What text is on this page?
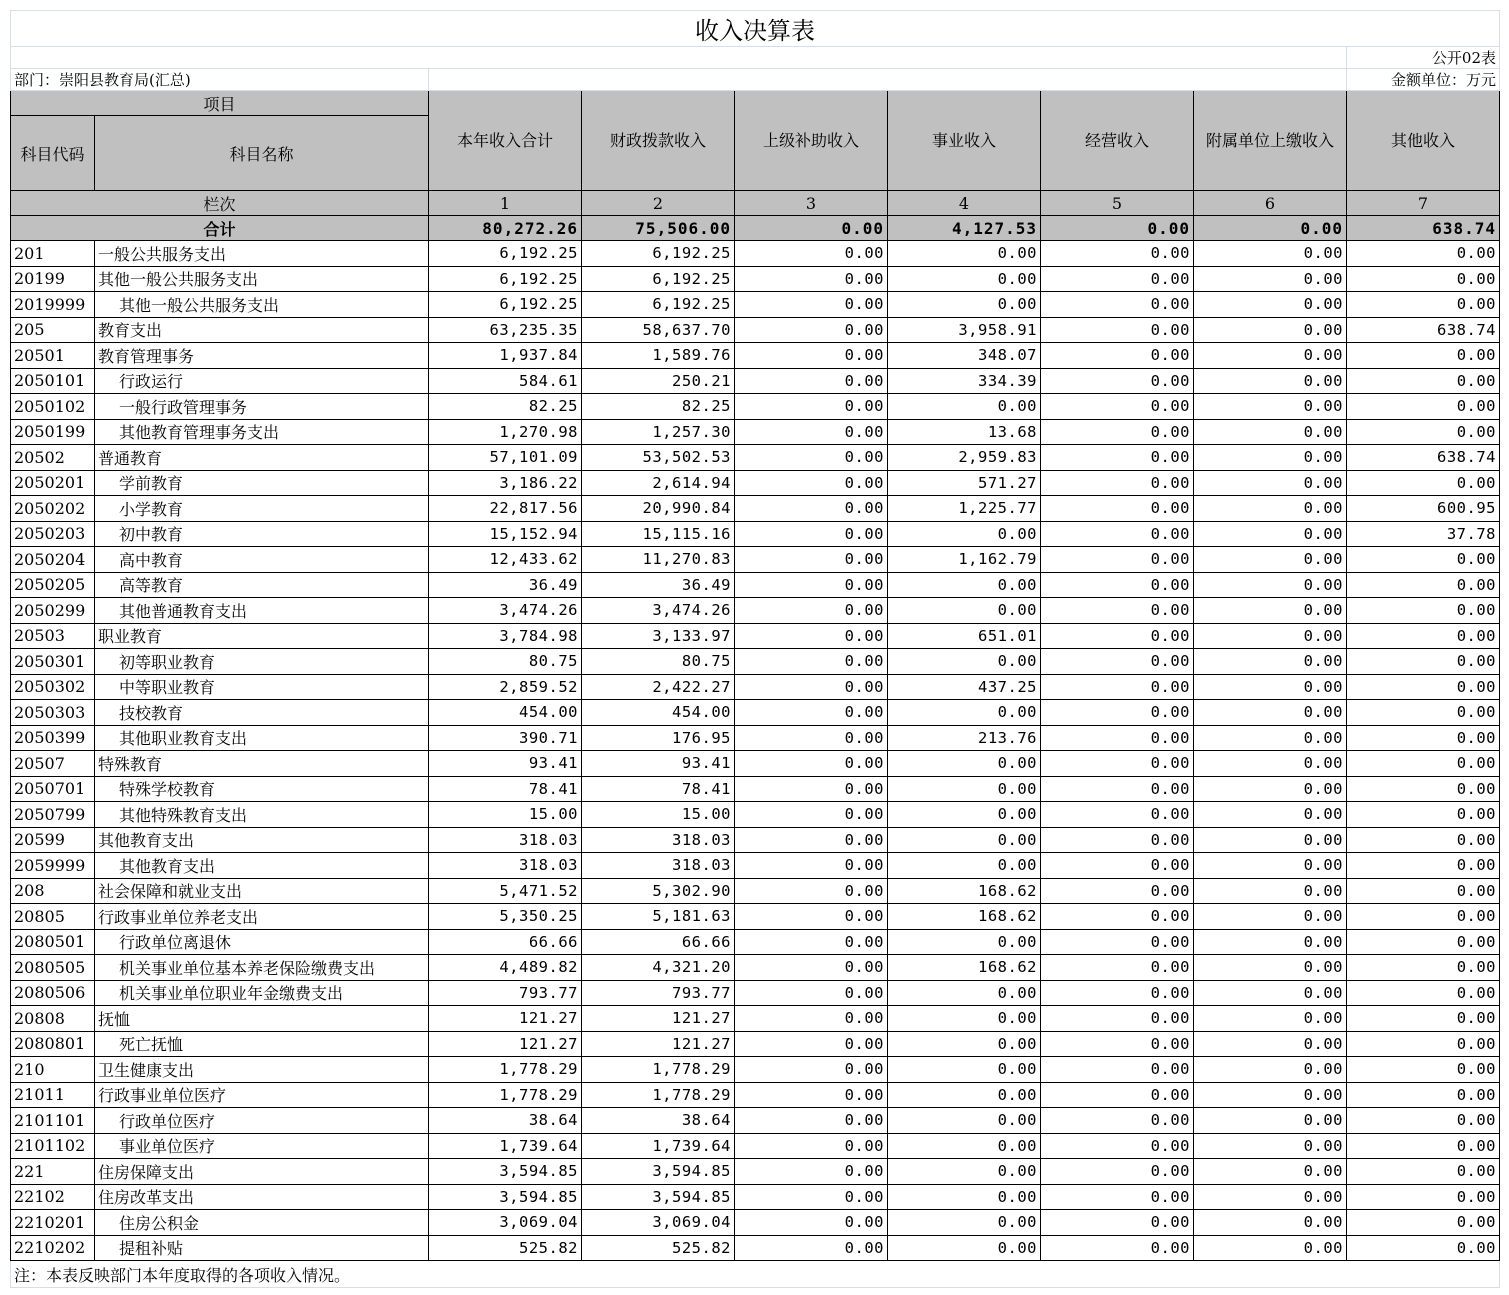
收入决算表								
								公开02表
部门：崇阳县教育局(汇总)								金额单位：万元
项目		本年收入合计	财政拨款收入	上级补助收入	事业收入	经营收入	附属单位上缴收入	其他收入
科目代码	科目名称							
栏次		1	2	3	4	5	6	7
合计		80,272.26	75,506.00	0.00	4,127.53	0.00	0.00	638.74
201	一般公共服务支出	6,192.25	6,192.25	0.00	0.00	0.00	0.00	0.00
20199	其他一般公共服务支出	6,192.25	6,192.25	0.00	0.00	0.00	0.00	0.00
2019999	其他一般公共服务支出	6,192.25	6,192.25	0.00	0.00	0.00	0.00	0.00
205	教育支出	63,235.35	58,637.70	0.00	3,958.91	0.00	0.00	638.74
20501	教育管理事务	1,937.84	1,589.76	0.00	348.07	0.00	0.00	0.00
2050101	行政运行	584.61	250.21	0.00	334.39	0.00	0.00	0.00
2050102	一般行政管理事务	82.25	82.25	0.00	0.00	0.00	0.00	0.00
2050199	其他教育管理事务支出	1,270.98	1,257.30	0.00	13.68	0.00	0.00	0.00
20502	普通教育	57,101.09	53,502.53	0.00	2,959.83	0.00	0.00	638.74
2050201	学前教育	3,186.22	2,614.94	0.00	571.27	0.00	0.00	0.00
2050202	小学教育	22,817.56	20,990.84	0.00	1,225.77	0.00	0.00	600.95
2050203	初中教育	15,152.94	15,115.16	0.00	0.00	0.00	0.00	37.78
2050204	高中教育	12,433.62	11,270.83	0.00	1,162.79	0.00	0.00	0.00
2050205	高等教育	36.49	36.49	0.00	0.00	0.00	0.00	0.00
2050299	其他普通教育支出	3,474.26	3,474.26	0.00	0.00	0.00	0.00	0.00
20503	职业教育	3,784.98	3,133.97	0.00	651.01	0.00	0.00	0.00
2050301	初等职业教育	80.75	80.75	0.00	0.00	0.00	0.00	0.00
2050302	中等职业教育	2,859.52	2,422.27	0.00	437.25	0.00	0.00	0.00
2050303	技校教育	454.00	454.00	0.00	0.00	0.00	0.00	0.00
2050399	其他职业教育支出	390.71	176.95	0.00	213.76	0.00	0.00	0.00
20507	特殊教育	93.41	93.41	0.00	0.00	0.00	0.00	0.00
2050701	特殊学校教育	78.41	78.41	0.00	0.00	0.00	0.00	0.00
2050799	其他特殊教育支出	15.00	15.00	0.00	0.00	0.00	0.00	0.00
20599	其他教育支出	318.03	318.03	0.00	0.00	0.00	0.00	0.00
2059999	其他教育支出	318.03	318.03	0.00	0.00	0.00	0.00	0.00
208	社会保障和就业支出	5,471.52	5,302.90	0.00	168.62	0.00	0.00	0.00
20805	行政事业单位养老支出	5,350.25	5,181.63	0.00	168.62	0.00	0.00	0.00
2080501	行政单位离退休	66.66	66.66	0.00	0.00	0.00	0.00	0.00
2080505	机关事业单位基本养老保险缴费支出	4,489.82	4,321.20	0.00	168.62	0.00	0.00	0.00
2080506	机关事业单位职业年金缴费支出	793.77	793.77	0.00	0.00	0.00	0.00	0.00
20808	抚恤	121.27	121.27	0.00	0.00	0.00	0.00	0.00
2080801	死亡抚恤	121.27	121.27	0.00	0.00	0.00	0.00	0.00
210	卫生健康支出	1,778.29	1,778.29	0.00	0.00	0.00	0.00	0.00
21011	行政事业单位医疗	1,778.29	1,778.29	0.00	0.00	0.00	0.00	0.00
2101101	行政单位医疗	38.64	38.64	0.00	0.00	0.00	0.00	0.00
2101102	事业单位医疗	1,739.64	1,739.64	0.00	0.00	0.00	0.00	0.00
221	住房保障支出	3,594.85	3,594.85	0.00	0.00	0.00	0.00	0.00
22102	住房改革支出	3,594.85	3,594.85	0.00	0.00	0.00	0.00	0.00
2210201	住房公积金	3,069.04	3,069.04	0.00	0.00	0.00	0.00	0.00
2210202	提租补贴	525.82	525.82	0.00	0.00	0.00	0.00	0.00
注：本表反映部门本年度取得的各项收入情况。								
